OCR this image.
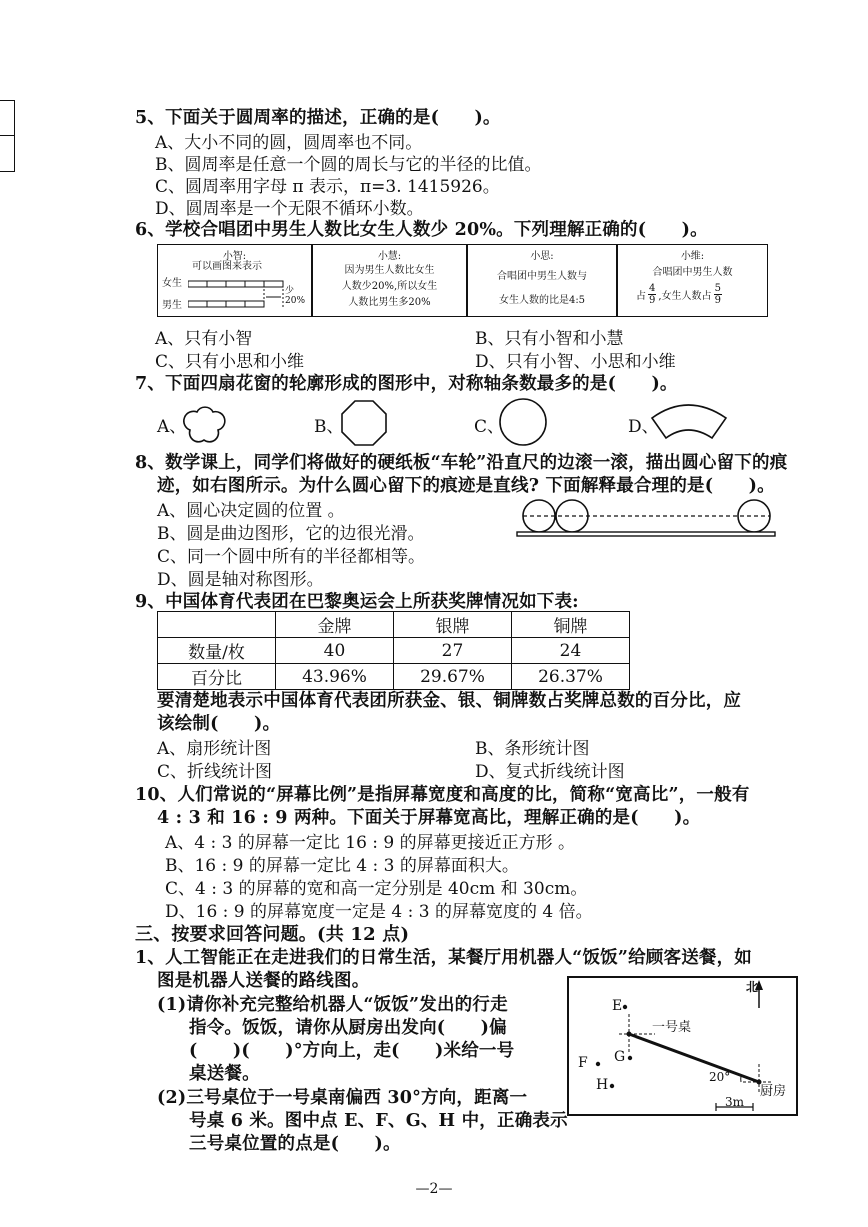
5、下面关于圆周率的描述，正确的是(　　)。
A、大小不同的圆，圆周率也不同。
B、圆周率是任意一个圆的周长与它的半径的比值。
C、圆周率用字母 π 表示，π=3. 1415926。
D、圆周率是一个无限不循环小数。
6、学校合唱团中男生人数比女生人数少 20%。下列理解正确的(　　)。
小智:
可以画图来表示
女生
男生
少20%
小慧:
因为男生人数比女生
人数少20%,所以女生
人数比男生多20%
小思:
合唱团中男生人数与
女生人数的比是4:5
小维:
合唱团中男生人数
占 $\frac{4}{9}$ ,女生人数占 $\frac{5}{9}$
A、只有小智	B、只有小智和小慧
C、只有小思和小维	D、只有小智、小思和小维
7、下面四扇花窗的轮廓形成的图形中，对称轴条数最多的是(　　)。
A、	B、	C、	D、
8、数学课上，同学们将做好的硬纸板“车轮”沿直尺的边滚一滚，描出圆心留下的痕
迹，如右图所示。为什么圆心留下的痕迹是直线? 下面解释最合理的是(　　)。
A、圆心决定圆的位置 。
B、圆是曲边图形，它的边很光滑。
C、同一个圆中所有的半径都相等。
D、圆是轴对称图形。
9、中国体育代表团在巴黎奥运会上所获奖牌情况如下表:
	金牌	银牌	铜牌
数量/枚	40	27	24
百分比	43.96%	29.67%	26.37%
要清楚地表示中国体育代表团所获金、银、铜牌数占奖牌总数的百分比，应
该绘制(　　)。
A、扇形统计图	B、条形统计图
C、折线统计图	D、复式折线统计图
10、人们常说的“屏幕比例”是指屏幕宽度和高度的比，简称“宽高比”，一般有
4 : 3 和 16 : 9 两种。下面关于屏幕宽高比，理解正确的是(　　)。
A、4 : 3 的屏幕一定比 16 : 9 的屏幕更接近正方形 。
B、16 : 9 的屏幕一定比 4 : 3 的屏幕面积大。
C、4 : 3 的屏幕的宽和高一定分别是 40cm 和 30cm。
D、16 : 9 的屏幕宽度一定是 4 : 3 的屏幕宽度的 4 倍。
三、按要求回答问题。(共 12 点)
1、人工智能正在走进我们的日常生活，某餐厅用机器人“饭饭”给顾客送餐，如
图是机器人送餐的路线图。
(1)请你补充完整给机器人“饭饭”发出的行走
指令。饭饭，请你从厨房出发向(　　)偏
(　　)(　　)°方向上，走(　　)米给一号
桌送餐。
(2)三号桌位于一号桌南偏西 30°方向，距离一
号桌 6 米。图中点 E、F、G、H 中，正确表示
三号桌位置的点是(　　)。
北
E
F G
H
一号桌
厨房
20°
3m
—2—
